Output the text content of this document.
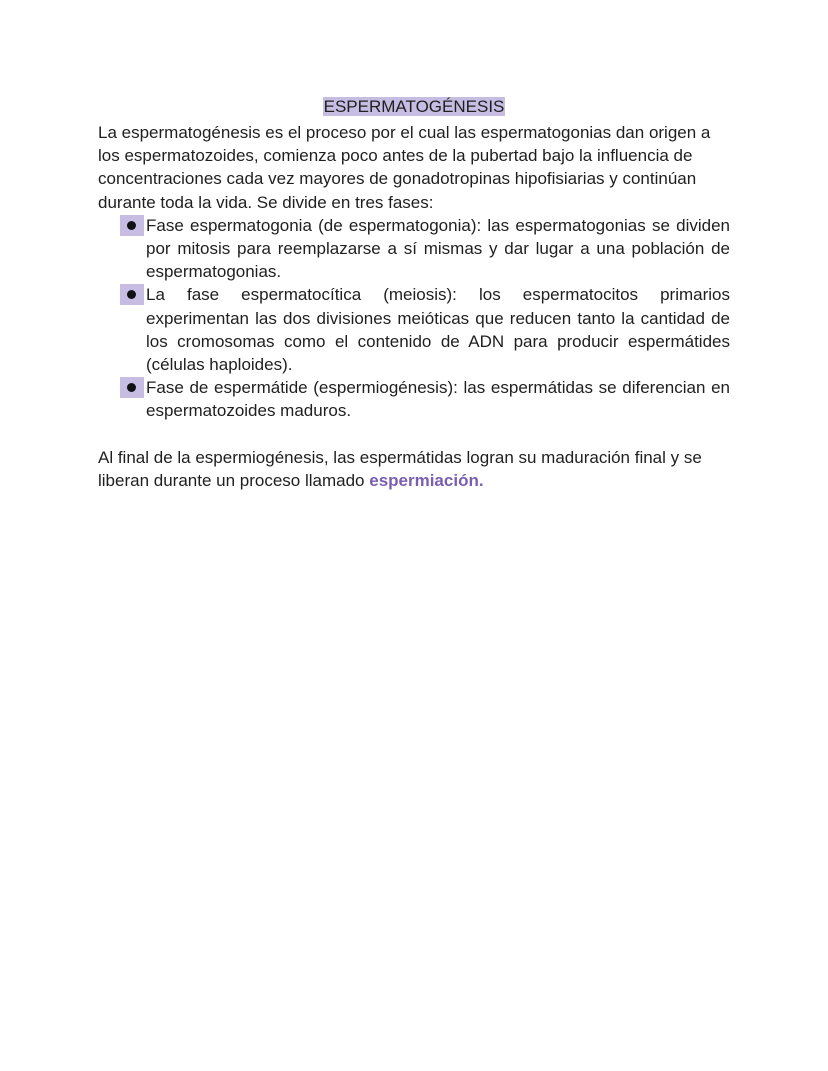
ESPERMATOGÉNESIS

La espermatogénesis es el proceso por el cual las espermatogonias dan origen a los espermatozoides, comienza poco antes de la pubertad bajo la influencia de concentraciones cada vez mayores de gonadotropinas hipofisiarias y continúan durante toda la vida. Se divide en tres fases:

Fase espermatogonia (de espermatogonia): las espermatogonias se dividen por mitosis para reemplazarse a sí mismas y dar lugar a una población de espermatogonias.
La fase espermatocítica (meiosis): los espermatocitos primarios experimentan las dos divisiones meióticas que reducen tanto la cantidad de los cromosomas como el contenido de ADN para producir espermátides (células haploides).
Fase de espermátide (espermiogénesis): las espermátidas se diferencian en espermatozoides maduros.

Al final de la espermiogénesis, las espermátidas logran su maduración final y se liberan durante un proceso llamado espermiación.
